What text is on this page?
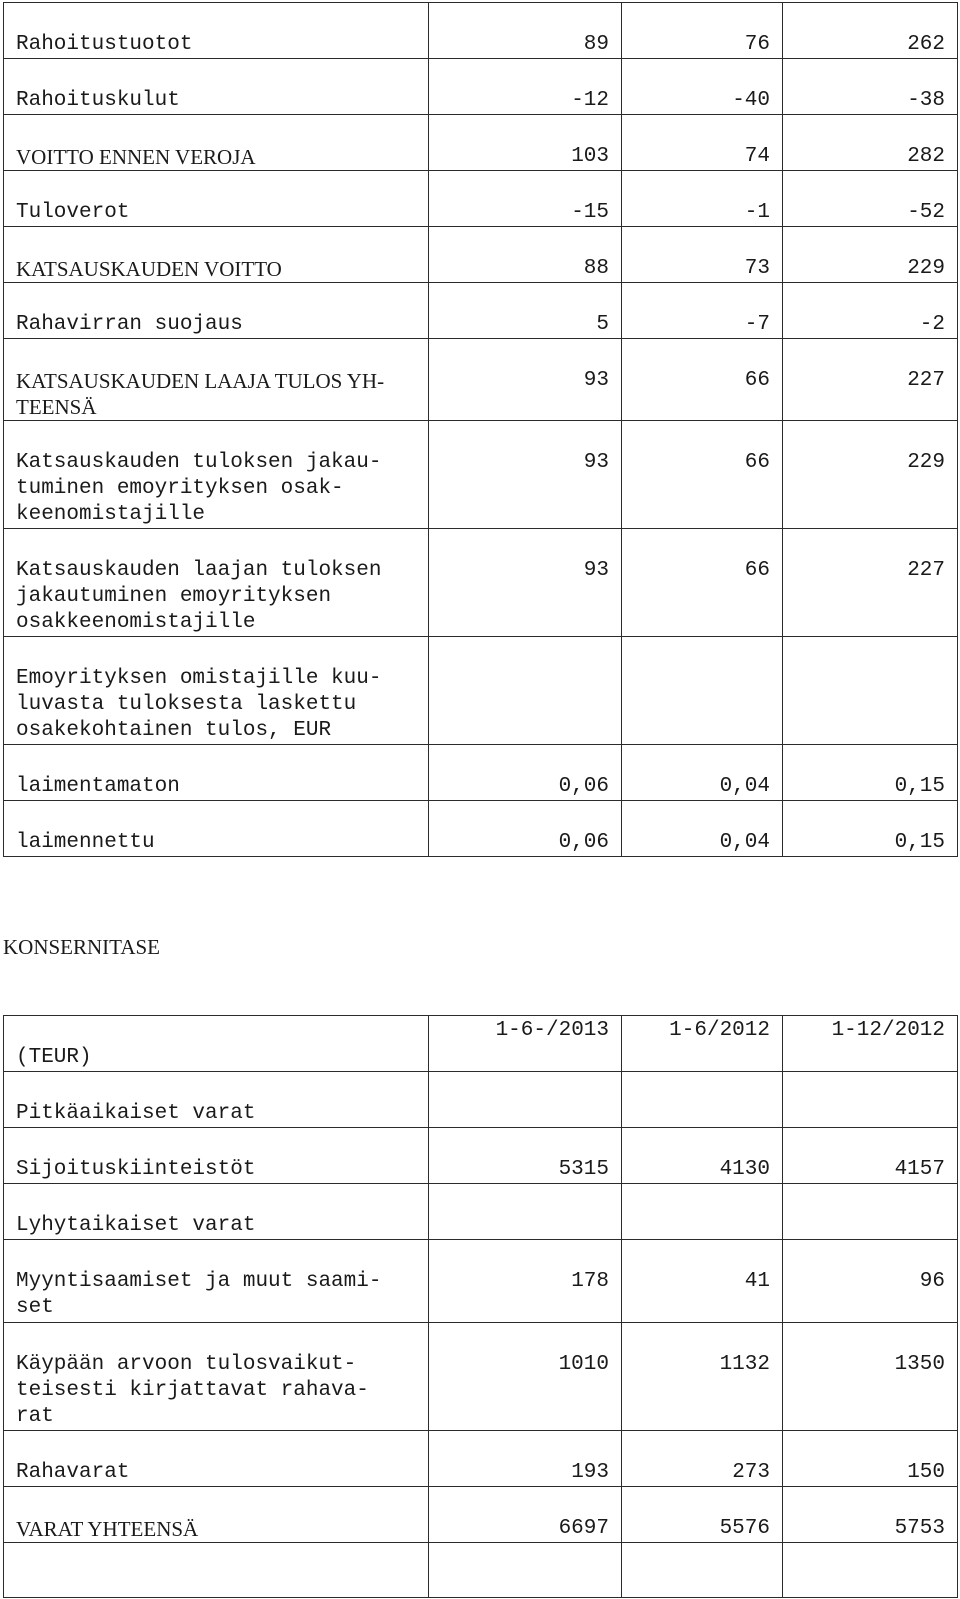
Rahoitustuotot	89	76	262
Rahoituskulut	-12	-40	-38
VOITTO ENNEN VEROJA	103	74	282
Tuloverot	-15	-1	-52
KATSAUSKAUDEN VOITTO	88	73	229
Rahavirran suojaus	5	-7	-2
KATSAUSKAUDEN LAAJA TULOS YH-
TEENSÄ	93	66	227
Katsauskauden tuloksen jakau-
tuminen emoyrityksen osak-
keenomistajille	93	66	229
Katsauskauden laajan tuloksen
jakautuminen emoyrityksen
osakkeenomistajille	93	66	227
Emoyrityksen omistajille kuu-
luvasta tuloksesta laskettu
osakekohtainen tulos, EUR			
laimentamaton	0,06	0,04	0,15
laimennettu	0,06	0,04	0,15
KONSERNITASE
(TEUR)	1-6-/2013	1-6/2012	1-12/2012
Pitkäaikaiset varat			
Sijoituskiinteistöt	5315	4130	4157
Lyhytaikaiset varat			
Myyntisaamiset ja muut saami-
set	178	41	96
Käypään arvoon tulosvaikut-
teisesti kirjattavat rahava-
rat	1010	1132	1350
Rahavarat	193	273	150
VARAT YHTEENSÄ	6697	5576	5753
